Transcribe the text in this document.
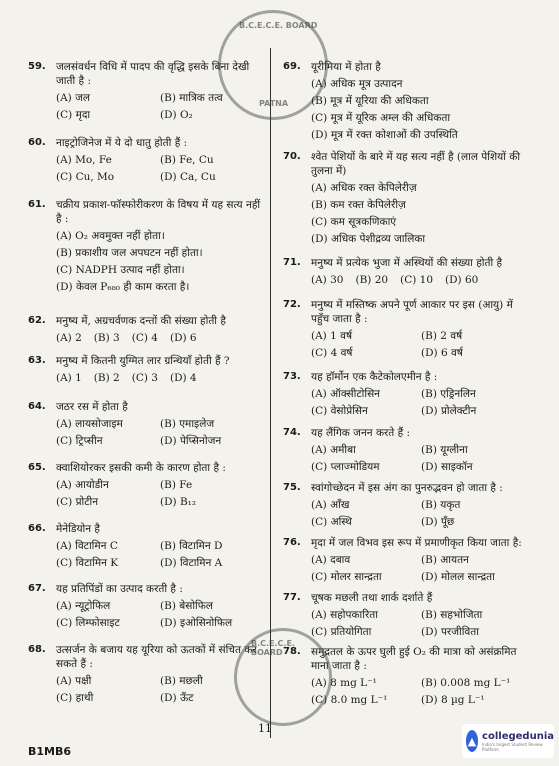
59. जलसंवर्धन विधि में पादप की वृद्धि इसके बिना देखी जाती है :
(A) जल	(B) मात्रिक तत्व
(C) मृदा	(D) O₂
60. नाइट्रोजिनेज में ये दो धातु होती हैं :
(A) Mo, Fe	(B) Fe, Cu
(C) Cu, Mo	(D) Ca, Cu
61. चक्रीय प्रकाश-फॉस्फोरीकरण के विषय में यह सत्य नहीं है :
(A) O₂ अवमुक्त नहीं होता।
(B) प्रकाशीय जल अपघटन नहीं होता।
(C) NADPH उत्पाद नहीं होता।
(D) केवल P₆₈₀ ही काम करता है।
62. मनुष्य में, अग्रचर्वणक दन्तों की संख्या होती है
(A) 2 (B) 3 (C) 4 (D) 6
63. मनुष्य में कितनी युग्मित लार ग्रन्थियाँ होती हैं ?
(A) 1 (B) 2 (C) 3 (D) 4
64. जठर रस में होता है
(A) लायसोजाइम	(B) एमाइलेज
(C) ट्रिप्सीन	(D) पेप्सिनोजन
65. क्वाशियोरकर इसकी कमी के कारण होता है :
(A) आयोडीन	(B) Fe
(C) प्रोटीन	(D) B₁₂
66. मेनेडियोन है
(A) विटामिन C	(B) विटामिन D
(C) विटामिन K	(D) विटामिन A
67. यह प्रतिपिंडों का उत्पाद करती है :
(A) न्यूट्रोफिल	(B) बेसोफिल
(C) लिम्फोसाइट	(D) इओसिनोफिल
68. उत्सर्जन के बजाय यह यूरिया को ऊतकों में संचित कर सकते हैं :
(A) पक्षी	(B) मछली
(C) हाथी	(D) ऊँट
69. यूरीमिया में होता है
(A) अधिक मूत्र उत्पादन
(B) मूत्र में यूरिया की अधिकता
(C) मूत्र में यूरिक अम्ल की अधिकता
(D) मूत्र में रक्त कोशाओं की उपस्थिति
70. श्वेत पेशियों के बारे में यह सत्य नहीं है (लाल पेशियों की तुलना में)
(A) अधिक रक्त केपिलेरीज़
(B) कम रक्त केपिलेरीज़
(C) कम सूत्रकणिकाएं
(D) अधिक पेशीद्रव्य जालिका
71. मनुष्य में प्रत्येक भुजा में अस्थियों की संख्या होती है
(A) 30 (B) 20 (C) 10 (D) 60
72. मनुष्य में मस्तिष्क अपने पूर्ण आकार पर इस (आयु) में पहुँच जाता है :
(A) 1 वर्ष	(B) 2 वर्ष
(C) 4 वर्ष	(D) 6 वर्ष
73. यह हॉर्मोन एक कैटेकोलएमीन है :
(A) ऑक्सीटोसिन	(B) एड्रिनलिन
(C) वेसोप्रेसिन	(D) प्रोलेक्टीन
74. यह लैंगिक जनन करते हैं :
(A) अमीबा	(B) यूग्लीना
(C) प्लाज्मोडियम	(D) साइकॉन
75. स्वांगोच्छेदन में इस अंग का पुनरुद्भवन हो जाता है :
(A) आँख	(B) यकृत
(C) अस्थि	(D) पूँछ
76. मृदा में जल विभव इस रूप में प्रमाणीकृत किया जाता है:
(A) दबाव	(B) आयतन
(C) मोलर सान्द्रता	(D) मोलल सान्द्रता
77. चूषक मछली तथा शार्क दर्शाते हैं
(A) सहोपकारिता	(B) सहभोजिता
(C) प्रतियोगिता	(D) परजीविता
78. समुद्रतल के ऊपर घुली हुई O₂ की मात्रा को असंक्रमित माना जाता है :
(A) 8 mg L⁻¹	(B) 0.008 mg L⁻¹
(C) 8.0 mg L⁻¹	(D) 8 µg L⁻¹
B.C.E.C.E. BOARD
PATNA
B.C.E.C.E. BOARD
11
B1MB6
▲ collegedunia
India's largest Student Review Platform
